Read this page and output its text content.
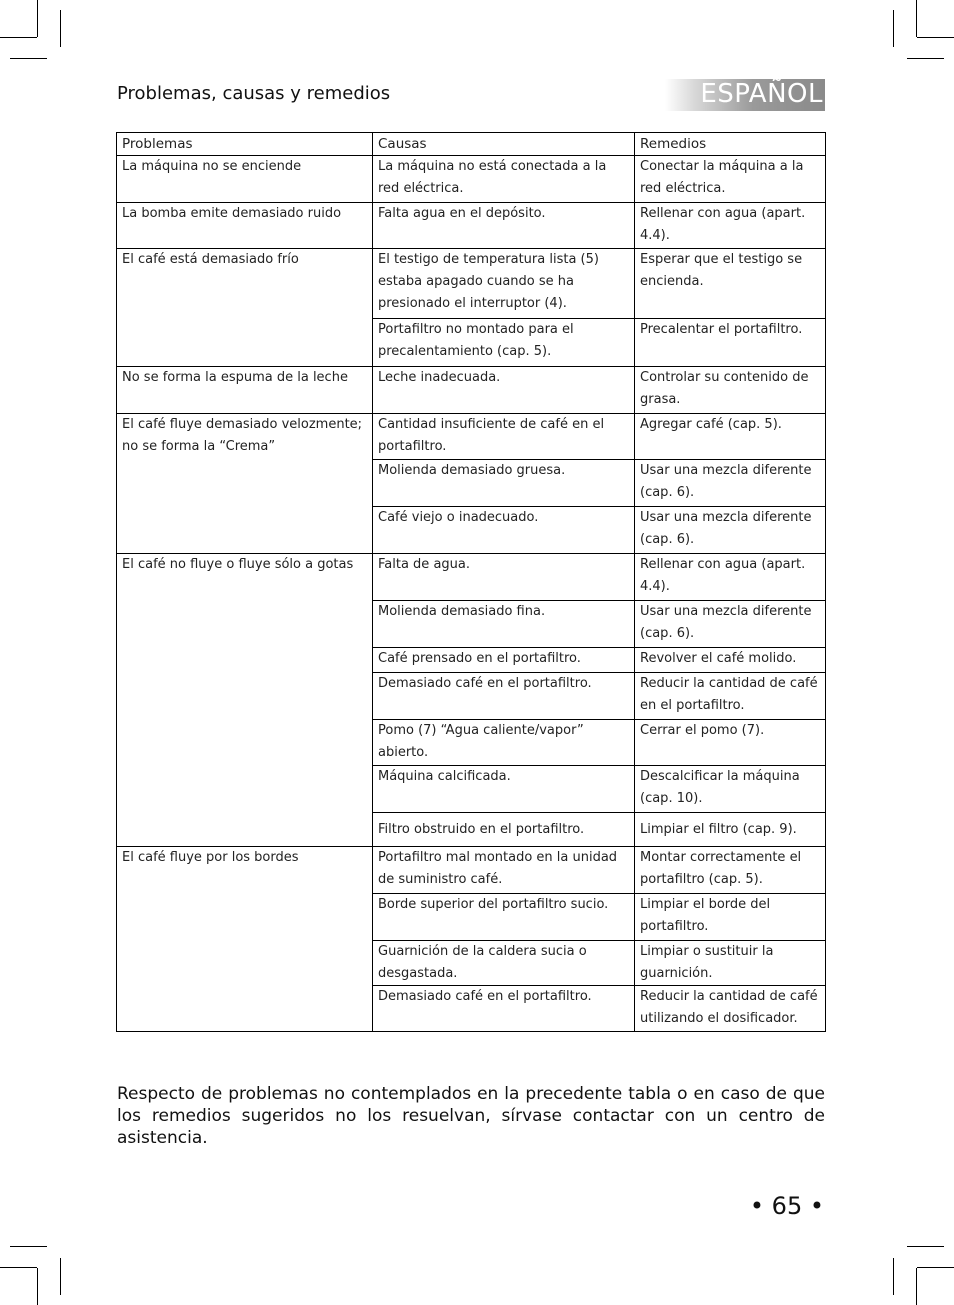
Problemas, causas y remedios	ESPAÑOL
Problemas	Causas	Remedios
La máquina no se enciende	La máquina no está conectada a la red eléctrica.	Conectar la máquina a la red eléctrica.
La bomba emite demasiado ruido	Falta agua en el depósito.	Rellenar con agua (apart. 4.4).
El café está demasiado frío	El testigo de temperatura lista (5) estaba apagado cuando se ha presionado el interruptor (4).	Esperar que el testigo se encienda.
	Portafiltro no montado para el precalentamiento (cap. 5).	Precalentar el portafiltro.
No se forma la espuma de la leche	Leche inadecuada.	Controlar su contenido de grasa.
El café fluye demasiado velozmente; no se forma la “Crema”	Cantidad insuficiente de café en el portafiltro.	Agregar café (cap. 5).
	Molienda demasiado gruesa.	Usar una mezcla diferente (cap. 6).
	Café viejo o inadecuado.	Usar una mezcla diferente (cap. 6).
El café no fluye o fluye sólo a gotas	Falta de agua.	Rellenar con agua (apart. 4.4).
	Molienda demasiado fina.	Usar una mezcla diferente (cap. 6).
	Café prensado en el portafiltro.	Revolver el café molido.
	Demasiado café en el portafiltro.	Reducir la cantidad de café en el portafiltro.
	Pomo (7) “Agua caliente/vapor” abierto.	Cerrar el pomo (7).
	Máquina calcificada.	Descalcificar la máquina (cap. 10).
	Filtro obstruido en el portafiltro.	Limpiar el filtro (cap. 9).
El café fluye por los bordes	Portafiltro mal montado en la unidad de suministro café.	Montar correctamente el portafiltro (cap. 5).
	Borde superior del portafiltro sucio.	Limpiar el borde del portafiltro.
	Guarnición de la caldera sucia o desgastada.	Limpiar o sustituir la guarnición.
	Demasiado café en el portafiltro.	Reducir la cantidad de café utilizando el dosificador.
Respecto de problemas no contemplados en la precedente tabla o en caso de que los remedios sugeridos no los resuelvan, sírvase contactar con un centro de asistencia.
• 65 •
